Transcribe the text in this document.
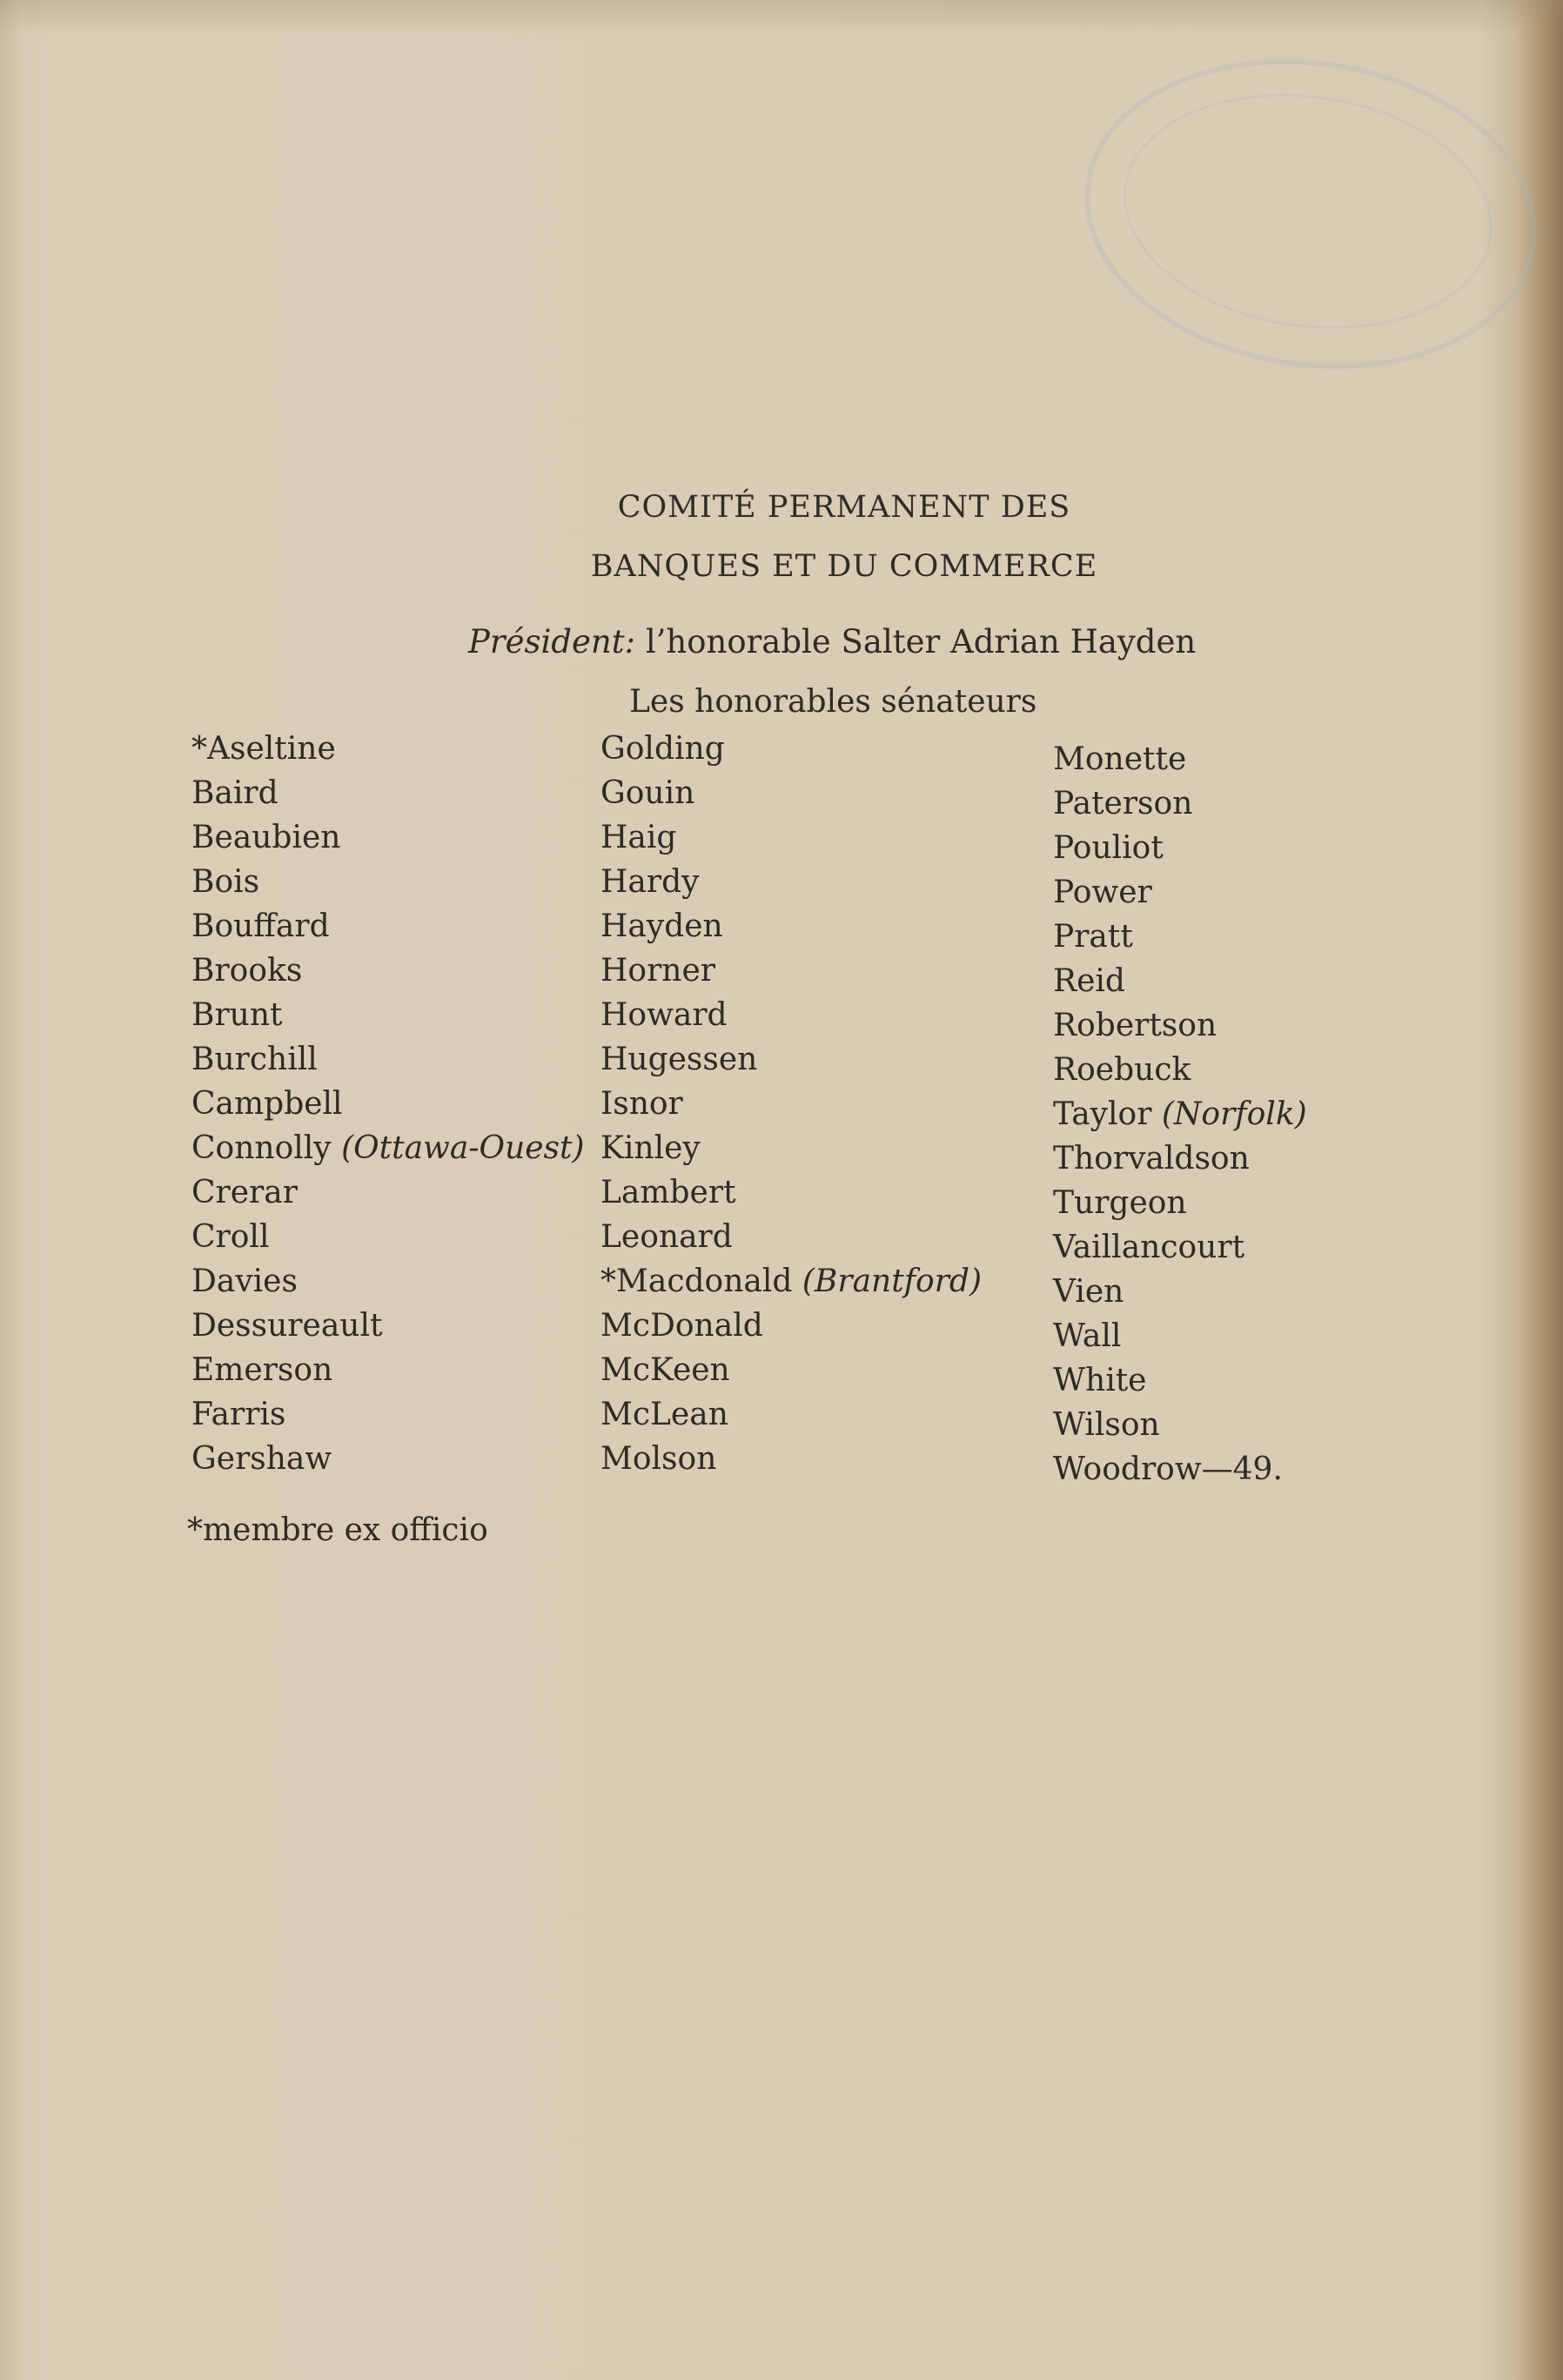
COMITÉ PERMANENT DES
BANQUES ET DU COMMERCE
Président: l’honorable Salter Adrian Hayden
Les honorables sénateurs
*Aseltine
Baird
Beaubien
Bois
Bouffard
Brooks
Brunt
Burchill
Campbell
Connolly (Ottawa-Ouest)
Crerar
Croll
Davies
Dessureault
Emerson
Farris
Gershaw
Golding
Gouin
Haig
Hardy
Hayden
Horner
Howard
Hugessen
Isnor
Kinley
Lambert
Leonard
*Macdonald (Brantford)
McDonald
McKeen
McLean
Molson
Monette
Paterson
Pouliot
Power
Pratt
Reid
Robertson
Roebuck
Taylor (Norfolk)
Thorvaldson
Turgeon
Vaillancourt
Vien
Wall
White
Wilson
Woodrow—49.
*membre ex officio
